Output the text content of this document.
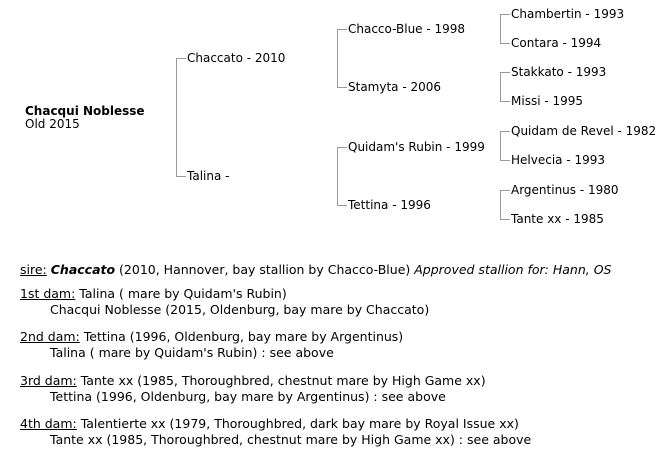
Chacqui Noblesse
Old 2015
Chaccato - 2010
Talina -
Chacco-Blue - 1998
Stamyta - 2006
Quidam's Rubin - 1999
Tettina - 1996
Chambertin - 1993
Contara - 1994
Stakkato - 1993
Missi - 1995
Quidam de Revel - 1982
Helvecia - 1993
Argentinus - 1980
Tante xx - 1985
sire: Chaccato (2010, Hannover, bay stallion by Chacco-Blue) Approved stallion for: Hann, OS
1st dam: Talina ( mare by Quidam's Rubin)
Chacqui Noblesse (2015, Oldenburg, bay mare by Chaccato)
2nd dam: Tettina (1996, Oldenburg, bay mare by Argentinus)
Talina ( mare by Quidam's Rubin) : see above
3rd dam: Tante xx (1985, Thoroughbred, chestnut mare by High Game xx)
Tettina (1996, Oldenburg, bay mare by Argentinus) : see above
4th dam: Talentierte xx (1979, Thoroughbred, dark bay mare by Royal Issue xx)
Tante xx (1985, Thoroughbred, chestnut mare by High Game xx) : see above
